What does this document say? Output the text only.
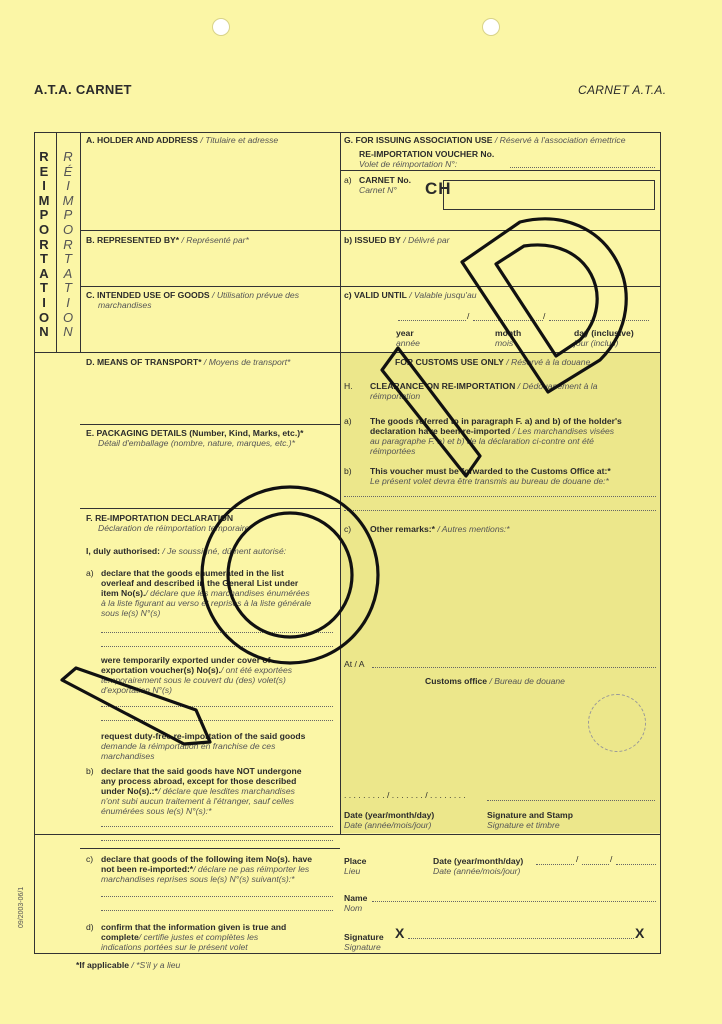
A.T.A. CARNET	CARNET A.T.A.
R
E
I
M
P
O
R
T
A
T
I
O
N
R
É
I
M
P
O
R
T
A
T
I
O
N
A. HOLDER AND ADDRESS / Titulaire et adresse
B. REPRESENTED BY* / Représenté par*
C. INTENDED USE OF GOODS / Utilisation prévue des
marchandises
D. MEANS OF TRANSPORT* / Moyens de transport*
E. PACKAGING DETAILS (Number, Kind, Marks, etc.)*
Détail d'emballage (nombre, nature, marques, etc.)*
F. RE-IMPORTATION DECLARATION
Déclaration de réimportation temporaire
I, duly authorised: / Je soussigné, dûment autorisé:
a) declare that the goods enumerated in the list
overleaf and described in the General List under
item No(s)./ déclare que les marchandises énumérées
à la liste figurant au verso et reprises à la liste générale
sous le(s) N°(s)
were temporarily exported under cover of
exportation voucher(s) No(s)./ ont été exportées
temporairement sous le couvert du (des) volet(s)
d'exportation N°(s)
request duty-free re-importation of the said goods
demande la réimportation en franchise de ces
marchandises
b) declare that the said goods have NOT undergone
any process abroad, except for those described
under No(s).:*/ déclare que lesdites marchandises
n'ont subi aucun traitement à l'étranger, sauf celles
énumérées sous le(s) N°(s):*
c) declare that goods of the following item No(s). have
not been re-imported:*/ déclare ne pas réimporter les
marchandises reprises sous le(s) N°(s) suivant(s):*
d) confirm that the information given is true and
complete/ certifie justes et complètes les
indications portées sur le présent volet
G. FOR ISSUING ASSOCIATION USE / Réservé à l'association émettrice
RE-IMPORTATION VOUCHER No.
Volet de réimportation N°:
a) CARNET No.
Carnet N° CH
b) ISSUED BY / Délivré par
c) VALID UNTIL / Valable jusqu'au
/	/
year
année
month
mois
day (inclusive)
jour (inclus)
FOR CUSTOMS USE ONLY / Réservé à la douane
H. CLEARANCE ON RE-IMPORTATION / Dédouanement à la
réimportation
a) The goods referred to in paragraph F. a) and b) of the holder's
declaration have been re-imported / Les marchandises visées
au paragraphe F. a) et b) de la déclaration ci-contre ont été
réimportées
b) This voucher must be forwarded to the Customs Office at:*
Le présent volet devra être transmis au bureau de douane de:*
c) Other remarks:* / Autres mentions:*
At / A
Customs office / Bureau de douane
. . . . . . . . . / . . . . . . . / . . . . . . . .
Date (year/month/day)
Date (année/mois/jour)
Signature and Stamp
Signature et timbre
Place
Lieu
Date (year/month/day)
Date (année/mois/jour)
/	/
Name
Nom
Signature
Signature
X	X
*If applicable / *S'il y a lieu
09/2003-06/1
